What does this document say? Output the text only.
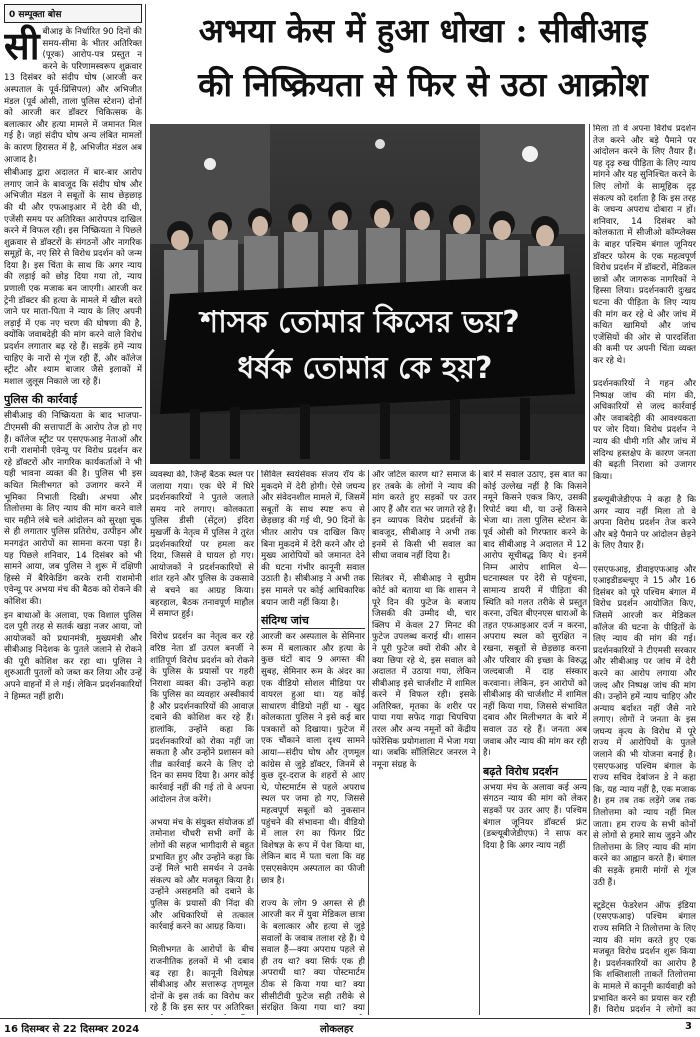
0 सम्पूक्ता बोस
सी बीआइ के निर्धारित 90 दिनों की समय-सीमा के भीतर अतिरिक्त (पूरक) आरोप-पत्र प्रस्तुत न करने के परिणामस्वरूप शुक्रवार 13 दिसंबर को संदीप घोष (आरजी कर अस्पताल के पूर्व-प्रिंसिपल) और अभिजीत मंडल (पूर्व ओसी, ताला पुलिस स्टेशन) दोनों को आरजी कर डॉक्टर चिकित्सक के बलात्कार और हत्या मामले में जमानत मिल गई है। जहां संदीप घोष अन्य लंबित मामलों के कारण हिरासत में है, अभिजीत मंडल अब आजाद है।

सीबीआइ द्वारा अदालत में बार-बार आरोप लगाए जाने के बावजूद कि संदीप घोष और अभिजीत मंडल ने सबूतों के साथ छेड़छाड़ की थी और एफआइआर में देरी की थी, एजेंसी समय पर अतिरिक्त आरोपपत्र दाखिल करने में विफल रही। इस निष्क्रियता ने पिछले शुक्रवार से डॉक्टरों के संगठनों और नागरिक समूहों के, नए सिरे से विरोध प्रदर्शन को जन्म दिया है। इस चिंता के साथ कि अगर न्याय की लड़ाई को छोड़ दिया गया तो, न्याय प्रणाली एक मजाक बन जाएगी। आरजी कर ट्रेनी डॉक्टर की हत्या के मामले में खील बरते जाने पर माता-पिता ने न्याय के लिए अपनी लड़ाई में एक नए चरण की घोषणा की है, क्योंकि जवाबदेही की मांग करने वाले विरोध प्रदर्शन लगातार बढ़ रहे हैं। सड़कें हमें न्याय चाहिए के नारों से गूंज रही हैं, और कॉलेज स्ट्रीट और श्याम बाजार जैसे इलाकों में मशाल जुलूस निकाले जा रहे हैं।

पुलिस की कार्रवाई

सीबीआइ की निष्क्रियता के बाद भाजपा-टीएमसी की सत्तापार्टी के आरोप तेज हो गए हैं। कॉलेज स्ट्रीट पर एसएफआइ नेताओं और रानी राशमोनी एवेन्यू पर विरोध प्रदर्शन कर रहे डॉक्टरों और नागरिक कार्यकर्ताओं ने भी यही भावना व्यक्त की है। पुलिस भी इस कथित मिलीभगत को उजागर करने में भूमिका निभाती दिखी। अभया और तिलोत्तमा के लिए न्याय की मांग करने वाले चार महीने लंबे चले आंदोलन को सुरक्षा चूक से ही लगातार पुलिस प्रतिरोध, उत्पीड़न और मनगढ़ंत आरोपों का सामना करना पड़ा है। यह पिछले शनिवार, 14 दिसंबर को भी सामने आया, जब पुलिस ने शुरू में दक्षिणी हिस्से में बैरिकेडिंग करके रानी राशमोनी एवेन्यू पर अभया मंच की बैठक को रोकने की कोशिश की।

इन बाधाओं के अलावा, एक विशाल पुलिस दल पूरी तरह से सतर्क खड़ा नजर आया, जो आयोजकों को प्रधानमंत्री, मुख्यमंत्री और सीबीआइ निदेशक के पुतले जलाने से रोकने की पूरी कोशिश कर रहा था। पुलिस ने शुरुआती पुतलों को जब्त कर लिया और उन्हें अपने वाहनों में ले गई। लेकिन प्रदर्शनकारियों ने हिम्मत नहीं हारी।

अभया केस में हुआ धोखा : सीबीआइ
की निष्क्रियता से फिर से उठा आक्रोश
শাসক তোমার কিসের ভয়?
ধর্ষক তোমার কে হয়?

व्यवस्था की, जिन्हें बैठक स्थल पर जलाया गया। एक घेरे में घिरे प्रदर्शनकारियों ने पुतले जलाते समय नारे लगाए। कोलकाता पुलिस डीसी (सेंट्रल) इंदिरा मुखर्जी के नेतृत्व में पुलिस ने तुरंत प्रदर्शनकारियों पर हमला कर दिया, जिससे वे घायल हो गए। आयोजकों ने प्रदर्शनकारियों से शांत रहने और पुलिस के उकसावे से बचने का आग्रह किया। बहरहाल, बैठक तनावपूर्ण माहौल में समाप्त हुई।

विरोध प्रदर्शन का नेतृत्व कर रहे वरिष्ठ नेता डॉ उत्पल बनर्जी ने शांतिपूर्ण विरोध प्रदर्शन को रोकने के पुलिस के प्रयासों पर गहरी निराशा व्यक्त की। उन्होंने कहा कि पुलिस का व्यवहार अस्वीकार्य है और प्रदर्शनकारियों की आवाज़ दबाने की कोशिश कर रहे हैं। हालांकि, उन्होंने कहा कि प्रदर्शनकारियों को रोका नहीं जा सकता है और उन्होंने प्रशासन को तीव्र कार्रवाई करने के लिए दो दिन का समय दिया है। अगर कोई कार्रवाई नहीं की गई तो वे अपना आंदोलन तेज करेंगे।

अभया मंच के संयुक्त संयोजक डॉ तमोनाश चौधरी सभी वर्गों के लोगों की सहज भागीदारी से बहुत प्रभावित हुए और उन्होंने कहा कि उन्हें मिले भारी समर्थन ने उनके संकल्प को और मजबूत किया है। उन्होंने असहमति को दबाने के पुलिस के प्रयासों की निंदा की और अधिकारियों से तत्काल कार्रवाई करने का आग्रह किया।

मिलीभगत के आरोपों के बीच राजनीतिक हलकों में भी दबाव बढ़ रहा है। कानूनी विशेषज्ञ सीबीआइ और सत्तारूढ़ तृणमूल दोनों के इस तर्क का विरोध कर रहे हैं कि इस स्तर पर अतिरिक्त

सिविल स्वयंसेवक संजय रॉय के मुकदमे में देरी होगी। ऐसे जघन्य और संवेदनशील मामले में, जिसमें सबूतों के साथ स्पष्ट रूप से छेड़छाड़ की गई थी, 90 दिनों के भीतर आरोप पत्र दाखिल किए बिना मुकदमे में देरी करने और दो मुख्य आरोपियों को जमानत देने की घटना गंभीर कानूनी सवाल उठाती है। सीबीआइ ने अभी तक इस मामले पर कोई आधिकारिक बयान जारी नहीं किया है।

संदिग्ध जांच

आरजी कर अस्पताल के सेमिनार रूम में बलात्कार और हत्या के कुछ घंटों बाद 9 अगस्त की सुबह, सेमिनार रूम के अंदर का एक वीडियो सोशल मीडिया पर वायरल हुआ था। यह कोई साधारण वीडियो नहीं था - खुद कोलकाता पुलिस ने इसे कई बार पत्रकारों को दिखाया। फुटेज में एक चौंकाने वाला दृश्य सामने आया—संदीप घोष और तृणमूल कांग्रेस से जुड़े डॉक्टर, जिनमें से कुछ दूर-दराज के शहरों से आए थे, पोस्टमार्टम से पहले अपराध स्थल पर जमा हो गए, जिससे महत्वपूर्ण सबूतों को नुकसान पहुंचने की संभावना थी। वीडियो में लाल रंग का फिंगर प्रिंट विशेषज्ञ के रूप में पेश किया था, लेकिन बाद में पता चला कि वह एसएसकेएम अस्पताल का फीजी छात्र है।

राज्य के लोग 9 अगस्त से ही आरजी कर में युवा मेडिकल छात्रा के बलात्कार और हत्या से जुड़े सवालों के जवाब तलाश रहे हैं। ये सवाल हैं—क्या अपराध पहले से ही तय था? क्या सिर्फ एक ही अपराधी था? क्या पोस्टमार्टम ठीक से किया गया था? क्या सीसीटीवी फुटेज सही तरीके से संरक्षित किया गया था? क्या

और जटिल कारण था? समाज के हर तबके के लोगों ने न्याय की मांग करते हुए सड़कों पर उतर आए हैं और रात भर जागते रहे हैं। इन व्यापक विरोध प्रदर्शनों के बावजूद, सीबीआइ ने अभी तक इनमें से किसी भी सवाल का सीधा जवाब नहीं दिया है।

सितंबर में, सीबीआइ ने सुप्रीम कोर्ट को बताया था कि शासन ने पूरे दिन की फुटेज के बजाय जिसकी की उम्मीद थी, चार क्लिप में केवल 27 मिनट की फुटेज उपलब्ध कराई थी। शासन ने पूरी फुटेज क्यों रोकी और वे क्या छिपा रहे थे, इस सवाल को अदालत में उठाया गया, लेकिन सीबीआइ इसे चार्जशीट में शामिल करने में विफल रही। इसके अतिरिक्त, मृतका के शरीर पर पाया गया सफेद गाढ़ा चिपचिपा तरल और अन्य नमूनों को केंद्रीय फोरेंसिक प्रयोगशाला में भेजा गया था। जबकि सॉलिसिटर जनरल ने नमूना संग्रह के

बारे में सवाल उठाए, इस बात का कोई उल्लेख नहीं है कि किसने नमूने किसने एकत्र किए, उसकी रिपोर्ट क्या थी, या उन्हें किसने भेजा था। तला पुलिस स्टेशन के पूर्व ओसी को गिरफ्तार करने के बाद सीबीआइ ने अदालत में 12 आरोप सूचीबद्ध किए थे। इनमें निम्न आरोप शामिल थे—घटनास्थल पर देरी से पहुंचना, सामान्य डायरी में पीड़िता की स्थिति को गलत तरीके से प्रस्तुत करना, उचित बीएनएस धाराओं के तहत एफआइआर दर्ज न करना, अपराध स्थल को सुरक्षित न रखना, सबूतों से छेड़छाड़ करना और परिवार की इच्छा के विरुद्ध जल्दबाजी में दाह संस्कार करवाना। लेकिन, इन आरोपों को सीबीआइ की चार्जशीट में शामिल नहीं किया गया, जिससे संभावित दबाव और मिलीभगत के बारे में सवाल उठ रहे हैं। जनता अब जवाब और न्याय की मांग कर रही है।

बढ़ते विरोध प्रदर्शन

अभया मंच के अलावा कई अन्य संगठन न्याय की मांग को लेकर सड़कों पर उतर आए हैं। पश्चिम बंगाल जूनियर डॉक्टर्स फ्रंट (डब्ल्यूबीजेडीएफ) ने साफ कर दिया है कि अगर न्याय नहीं

मिला तो वे अपना विरोध प्रदर्शन तेज करने और बड़े पैमाने पर आंदोलन करने के लिए तैयार हैं। यह दृढ़ रुख पीड़िता के लिए न्याय मांगने और यह सुनिश्चित करने के लिए लोगों के सामूहिक दृढ़ संकल्प को दर्शाता है कि इस तरह के जघन्य अपराध दोबारा न हों। शनिवार, 14 दिसंबर को कोलकाता में सीजीओ कॉम्प्लेक्स के बाहर पश्चिम बंगाल जूनियर डॉक्टर फोरम के एक महत्वपूर्ण विरोध प्रदर्शन में डॉक्टरों, मेडिकल छात्रों और जागरूक नागरिकों ने हिस्सा लिया। प्रदर्शनकारी दुःखद घटना की पीड़िता के लिए न्याय की मांग कर रहे थे और जांच में कथित खामियों और जांच एजेंसियों की ओर से पारदर्शिता की कमी पर अपनी चिंता व्यक्त कर रहे थे।

प्रदर्शनकारियों ने गहन और निष्पक्ष जांच की मांग की, अधिकारियों से जल्द कार्रवाई और जवाबदेही की आवश्यकता पर जोर दिया। विरोध प्रदर्शन ने न्याय की धीमी गति और जांच में संदिग्ध हस्तक्षेप के कारण जनता की बढ़ती निराशा को उजागर किया।

डब्ल्यूबीजेडीएफ ने कहा है कि अगर न्याय नहीं मिला तो वे अपना विरोध प्रदर्शन तेज करने और बड़े पैमाने पर आंदोलन छेड़ने के लिए तैयार हैं।

एसएफआइ, डीवाइएफआइ और एआइडीडब्ल्यूए ने 15 और 16 दिसंबर को पूरे पश्चिम बंगाल में विरोध प्रदर्शन आयोजित किए, जिसमें आरजी कर मेडिकल कॉलेज की घटना के पीड़ितों के लिए न्याय की मांग की गई। प्रदर्शनकारियों ने टीएमसी सरकार और सीबीआइ पर जांच में देरी करने का आरोप लगाया और जल्द और निष्पक्ष जांच की मांग की। उन्होंने हमें न्याय चाहिए और अन्याय बर्दाश्त नहीं जैसे नारे लगाए। लोगों ने जनता के इस जघन्य कृत्य के विरोध में पूरे राज्य में आरोपियों के पुतले जलाने की भी योजना बनाई है। एसएफआइ पश्चिम बंगाल के राज्य सचिव देबांजन डे ने कहा कि, यह न्याय नहीं है, एक मजाक है। हम तब तक लड़ेंगे जब तक तिलोत्तमा को न्याय नहीं मिल जाता। हम राज्य के सभी कोनों से लोगों से हमारे साथ जुड़ने और तिलोत्तमा के लिए न्याय की मांग करने का आह्वान करते हैं। बंगाल की सड़कें हमारी मांगों से गूंज उठी हैं।

स्टूडेंट्स फेडरेशन ऑफ इंडिया (एसएफआइ) पश्चिम बंगाल राज्य समिति ने तिलोत्तमा के लिए न्याय की मांग करते हुए एक मजबूत विरोध प्रदर्शन शुरू किया है। प्रदर्शनकारियों का आरोप है कि शक्तिशाली ताकतें तिलोत्तमा के मामले में कानूनी कार्यवाही को प्रभावित करने का प्रयास कर रही हैं। विरोध प्रदर्शन ने लोगों का

16 दिसम्बर से 22 दिसम्बर 2024	लोकलहर	3
